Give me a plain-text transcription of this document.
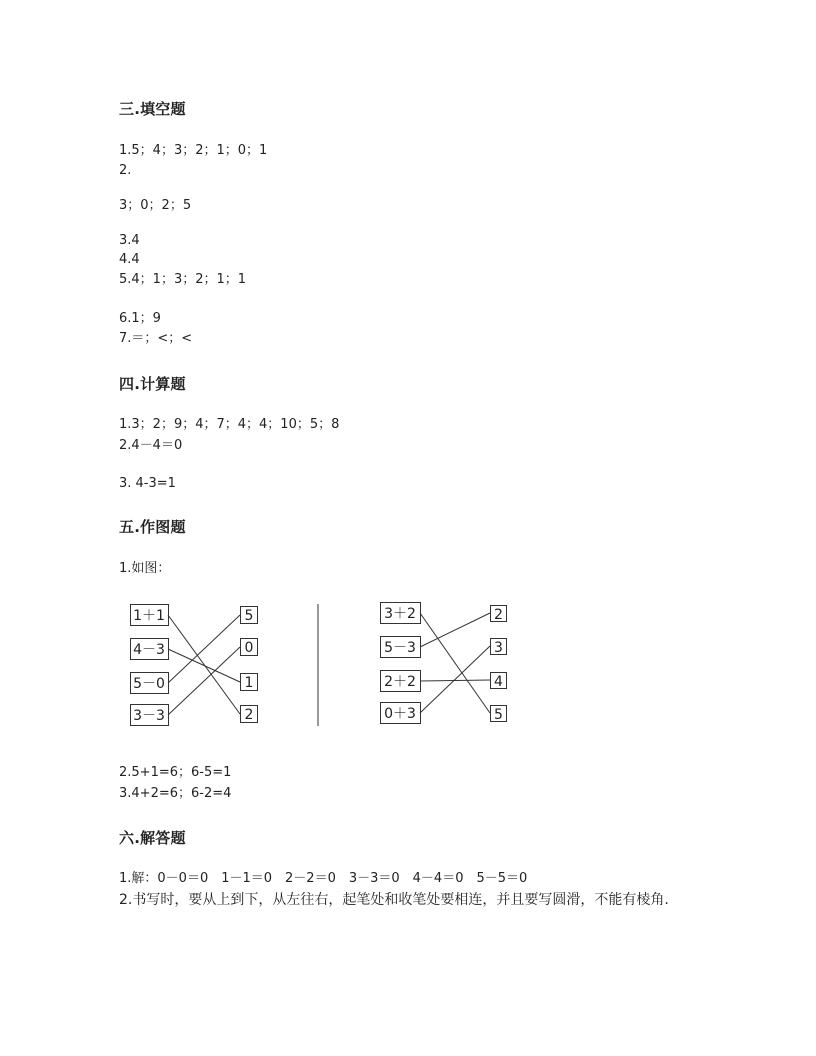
三.填空题
1.5；4；3；2；1；0；1
2.
3；0；2；5
3.4
4.4
5.4；1；3；2；1；1
6.1；9
7.＝；<；<
四.计算题
1.3；2；9；4；7；4；4；10；5；8
2.4－4＝0
3. 4-3=1
五.作图题
1.如图：
1＋1
4－3
5－0
3－3
5
0
1
2
3＋2
5－3
2＋2
0＋3
2
3
4
5
2.5+1=6；6-5=1
3.4+2=6；6-2=4
六.解答题
1.解：0－0＝0　1－1＝0　2－2＝0　3－3＝0　4－4＝0　5－5＝0
2.书写时，要从上到下，从左往右，起笔处和收笔处要相连，并且要写圆滑，不能有棱角.
